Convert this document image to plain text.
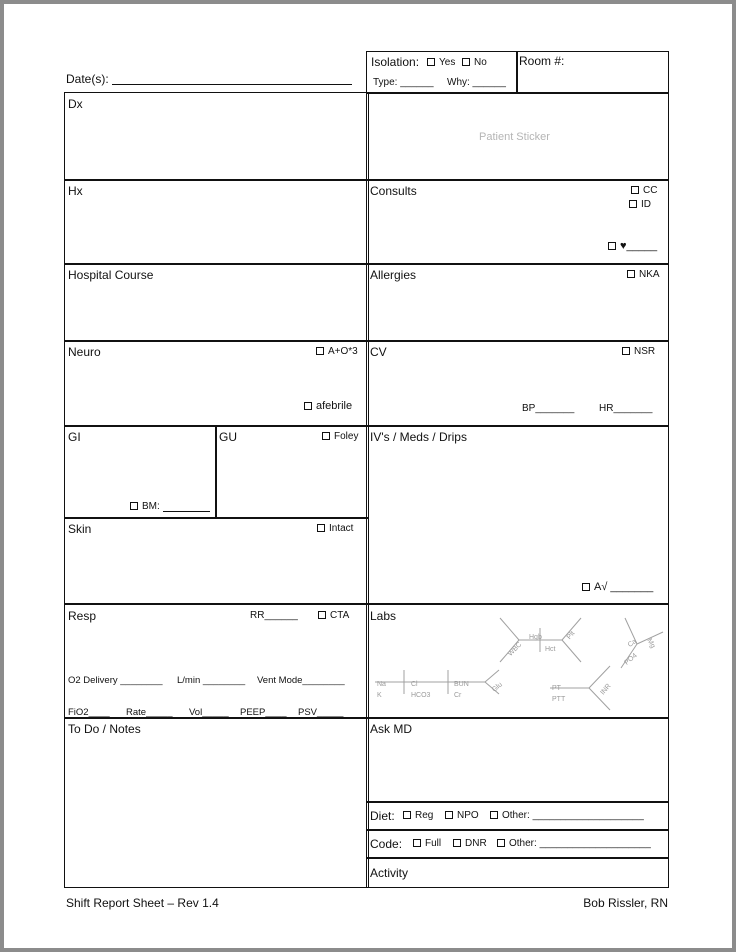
Date(s):
Isolation:	Yes	No
Type: ______ Why: ______
Room #:
Dx
Patient Sticker
Hx	Consults	CC
ID
♥_____
Hospital Course	Allergies	NKA
Neuro	A+O*3
afebrile
CV	NSR
BP_______ HR_______
GI
BM:
GU	Foley IV's / Meds / Drips
A√ _______
Skin	Intact
Resp	RR______	CTA
O2 Delivery ________ L/min ________ Vent Mode________
FiO2____ Rate_____ Vol_____ PEEP____ PSV_____
Labs
Na
K
Cl
HCO3
BUN
Cr
Glu
WBC
Hgb
Hct
Plt
PT
PTT
INR
Ca Mg
PO4
To Do / Notes	Ask MD
Diet:	Reg	NPO	Other: ____________________
Code:	Full	DNR	Other: ____________________
Activity
Shift Report Sheet – Rev 1.4	Bob Rissler, RN
